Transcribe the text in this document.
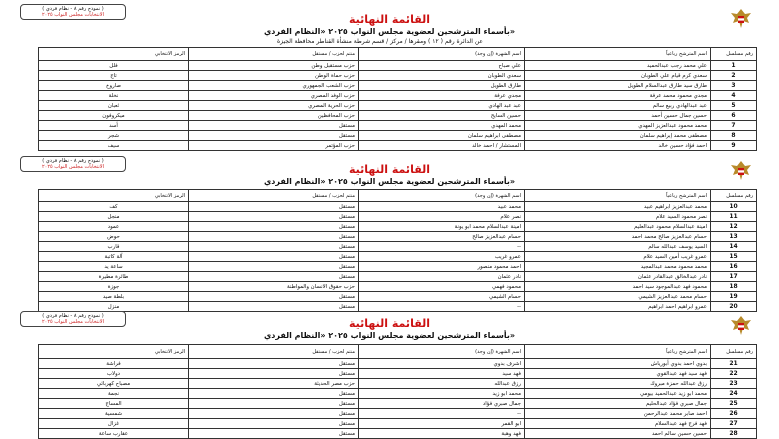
( نموذج رقم ٨ - نظام فردي )
الانتخابات مجلس النواب ٢٠٢٥	القائمة النهائية
بأسماء المترشحين لعضوية مجلس النواب ٢٠٢٥ «النظام الفردي»
عن الدائرة رقم ( ١٢ ) ومقرها / مركز / قسم شرطة منشأة القناطر محافظة الجيزة
رقم مسلسل	اسم المترشح رباعياً	اسم الشهرة (إن وجد)	منتم لحزب / مستقل	الرمز الانتخابي
1	علي محمد رجب عبدالحميد	علي صباح	حزب مستقبل وطن	فلل
2	سعدي كرم قيام علي الطوبان	سعدي الطوبان	حزب حماة الوطن	تاج
3	طارق سيد طارق عبدالسلام الطويل	طارق الطويل	حزب الشعب الجمهوري	صاروخ
4	مجدي محمود محمد عرفة	مجدي عرفة	حزب الوفد المصري	نخلة
5	عبد عبدالهادي ربيع سالم	عبد عبد الهادي	حزب الحرية المصري	ثعبان
6	حسين جمال حسين أحمد	حسين السايح	حزب المحافظين	ميكروفون
7	محمد محمود عبدالعزيز المهدي	محمد المهدي	مستقل	أسد
8	مصطفى محمد إبراهيم سلمان	مصطفى ابراهيم سلمان	مستقل	شجر
9	احمد فؤاد حسين خالد	المستشار / احمد خالد	حزب المؤتمر	سيف
( نموذج رقم ٨ - نظام فردي )
الانتخابات مجلس النواب ٢٠٢٥	القائمة النهائية
بأسماء المترشحين لعضوية مجلس النواب ٢٠٢٥ «النظام الفردي»
رقم مسلسل	اسم المترشح رباعياً	اسم الشهرة (إن وجد)	منتم لحزب / مستقل	الرمز الانتخابي
10	محمد عبدالعزيز ابراهيم عبيد	محمد عبيد	مستقل	كف
11	نصر محمود السيد علام	نصر علام	مستقل	منجل
12	امينة عبدالسلام محمود عبدالعليم	امينة عبدالسلام محمد ابو يونة	مستقل	عمود
13	حسام عبدالعزيز صالح محمد احمد	حسام عبدالعزيز صالح	مستقل	حوض
14	السيد يوسف عبدالله سالم	--	مستقل	قارب
15	عمرو غريب أمين السيد علام	عمرو غريب	مستقل	آلة كاتبة
16	محمد محمود محمد عبدالمجيد	احمد محمود منصور	مستقل	ساعة يد
17	نادر عبدالخالق عبدالقادر عثمان	نادر عثمان	مستقل	طائرة مطيرة
18	محمود فهد عبدالموجود سيد احمد	محمود فهمي	حزب حقوق الانسان والمواطنة	جوزة
19	حسام محمد عبدالعزيز الشيمي	حسام الشيمي	مستقل	بلطة صيد
20	عمرو ابراهيم احمد ابراهيم	--	مستقل	منزل
( نموذج رقم ٨ - نظام فردي )
الانتخابات مجلس النواب ٢٠٢٥	القائمة النهائية
بأسماء المترشحين لعضوية مجلس النواب ٢٠٢٥ «النظام الفردي»
رقم مسلسل	اسم المترشح رباعياً	اسم الشهرة (إن وجد)	منتم لحزب / مستقل	الرمز الانتخابي
21	بدوي احمد بدوي أبورياش	اشرف بدوي	مستقل	فراشة
22	فهد سيد فهد عبدالقوي	فهد سيد	مستقل	دولاب
23	رزق عبدالله حمزة مبروك	رزق عبدالله	حزب مصر الحديثة	مصباح كهربائي
24	محمد ابو زيد عبدالحميد بيومي	محمد ابو زيد	مستقل	نجمة
25	جمال صبري فؤاد عبدالحليم	جمال صبري فؤاد	مستقل	المساج
26	احمد صابر محمد عبدالرحمن	--	مستقل	شمسية
27	فهد فرج فهد عبدالسلام	ابو القمر	مستقل	غزال
28	حسين حسين سالم احمد	فهد وهبة	مستقل	عقارب ساعة
